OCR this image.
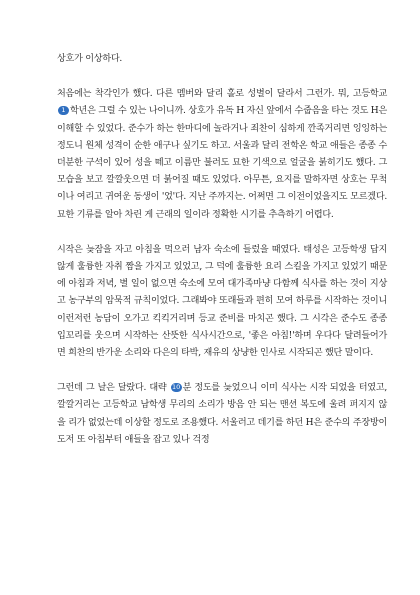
상호가 이상하다.

처음에는 착각인가 했다. 다른 멤버와 달리 홀로 성별이 달라서 그런가. 뭐, 고등학교 1 학년은 그럴 수 있는 나이니까. 상호가 유독 H 자신 앞에서 수줍음을 타는 것도 H은 이해할 수 있었다. 준수가 하는 한마디에 놀라거나 죄찬이 심하게 깐족거리면 잉잉하는 정도니 원체 성격이 순한 애구나 싶기도 하고. 서울과 달리 전학온 학교 애들은 종종 수더분한 구석이 있어 성을 떼고 이름만 불러도 묘한 기색으로 얼굴을 붉히기도 했다. 그 모습을 보고 깔깔웃으면 더 붉어질 때도 있었다. 아무튼, 요지를 말하자면 상호는 무척이나 여리고 귀여운 동생이 '었'다. 지난 주까지는. 어쩌면 그 이전이었을지도 모르겠다. 묘한 기류를 알아 차린 게 근래의 일이라 정확한 시기를 추측하기 어렵다.

시작은 늦잠을 자고 아침을 먹으러 남자 숙소에 들렀을 때였다. 태성은 고등학생 답지 않게 훌륭한 자취 짬을 가지고 있었고, 그 덕에 훌륭한 요리 스킬을 가지고 있었기 때문에 아침과 저녁, 별 일이 없으면 숙소에 모여 대가족마냥 다함께 식사를 하는 것이 지상고 농구부의 암묵적 규칙이었다. 그래봐야 또래들과 편히 모여 하루를 시작하는 것이니 이런저런 농담이 오가고 킥킥거리며 등교 준비를 마치곤 했다. 그 시각은 준수도 종종 입꼬리를 웃으며 시작하는 산뜻한 식사시간으로, '좋은 아침!'하며 우다다 달려들어가면 희찬의 반가운 소리와 다은의 타박, 재유의 상냥한 인사로 시작되곤 했단 말이다.

그런데 그 날은 달랐다. 대략 10 분 정도를 늦었으니 이미 식사는 시작 되었을 터였고, 깔깔거리는 고등학교 남학생 무리의 소리가 방음 안 되는 맨션 복도에 울려 퍼지지 않을 리가 없었는데 이상할 정도로 조용했다. 서울러고 데기를 하던 H은 준수의 주장방이 도저 또 아침부터 애들을 잡고 있나 걱정
